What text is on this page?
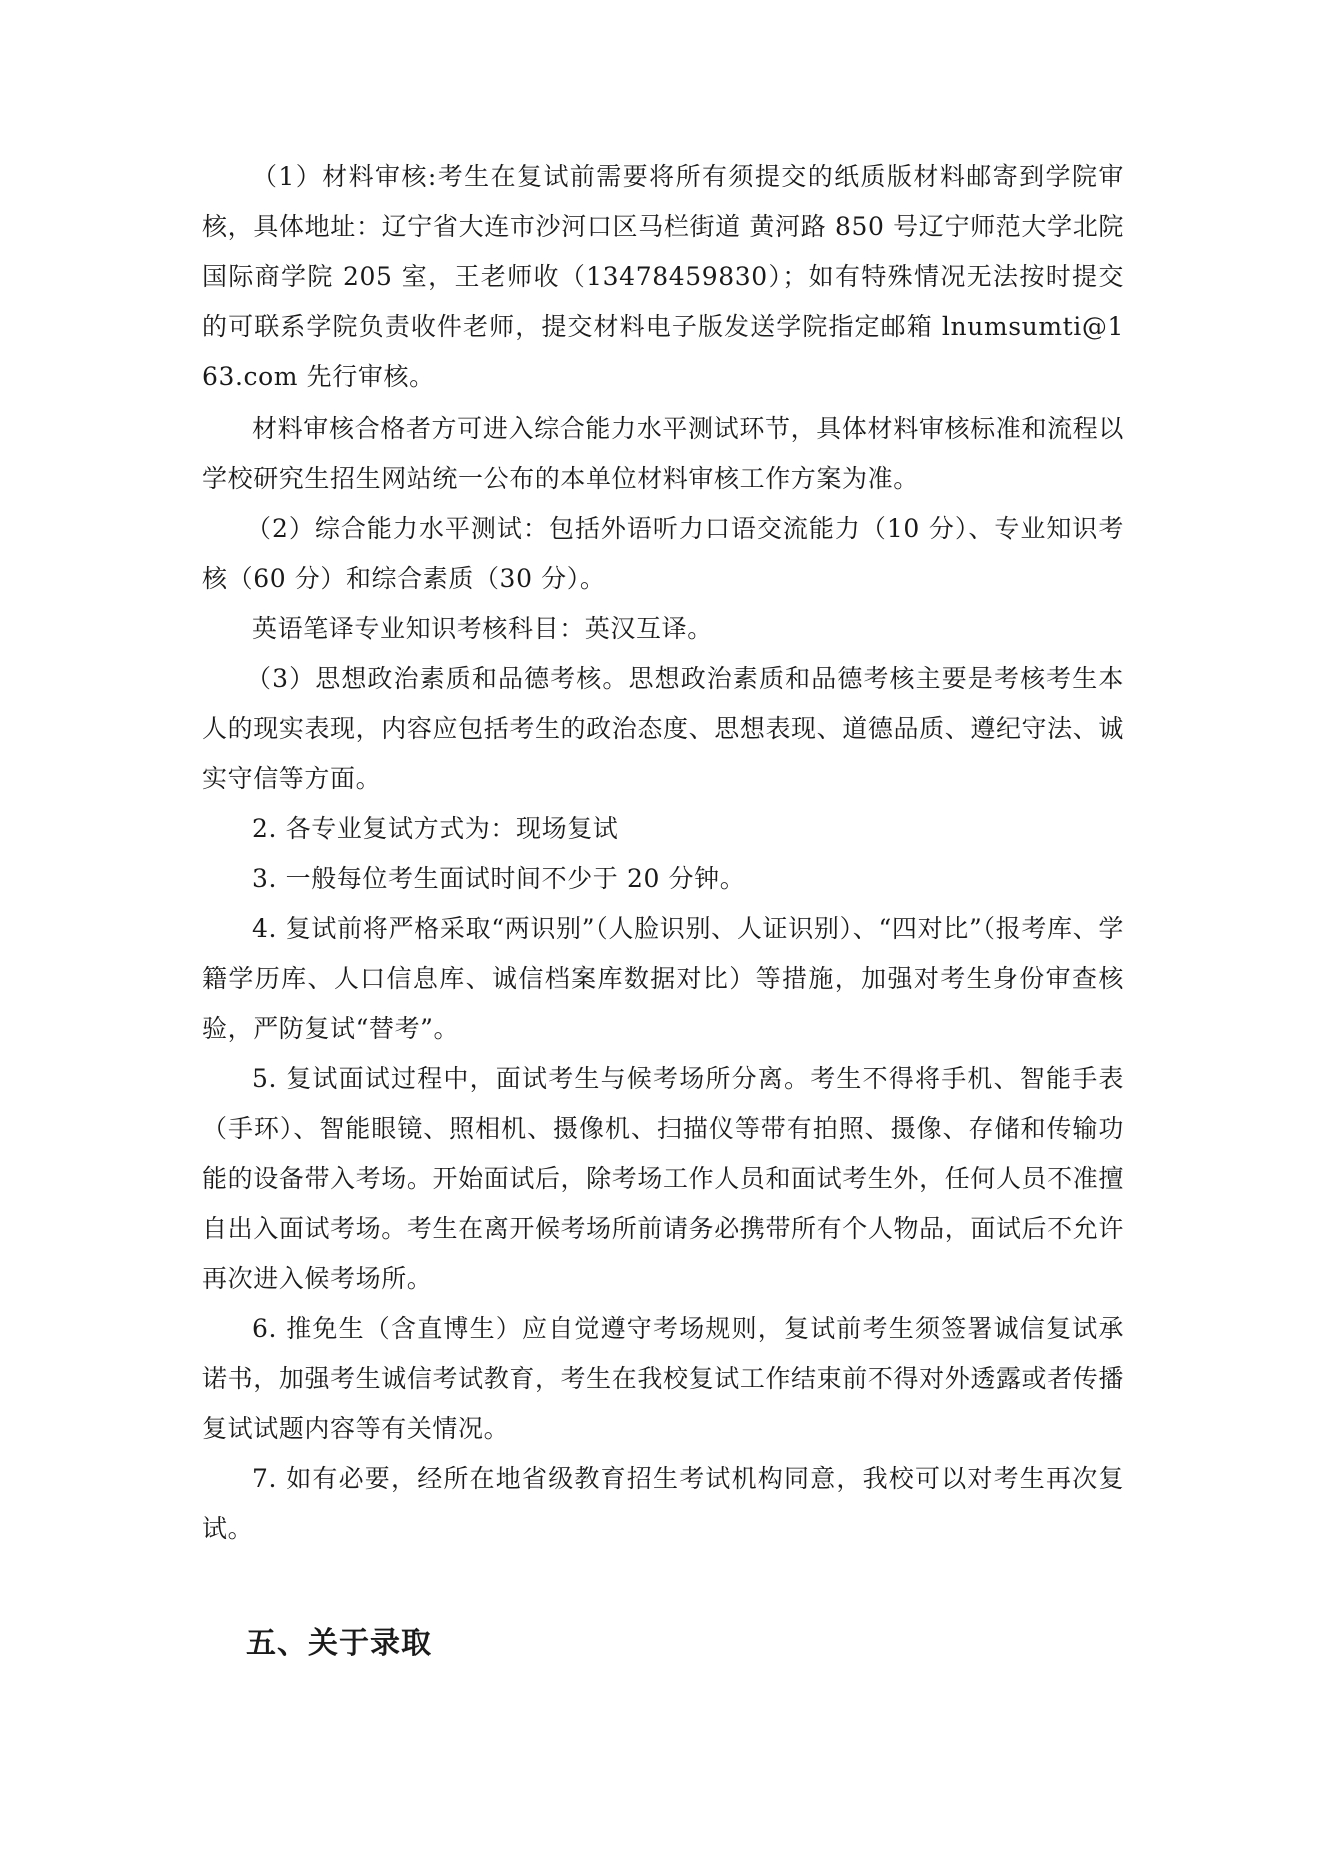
（1）材料审核:考生在复试前需要将所有须提交的纸质版材料邮寄到学院审核，具体地址：辽宁省大连市沙河口区马栏街道 黄河路 850 号辽宁师范大学北院国际商学院 205 室，王老师收（13478459830）；如有特殊情况无法按时提交的可联系学院负责收件老师，提交材料电子版发送学院指定邮箱 lnumsumti@163.com 先行审核。

材料审核合格者方可进入综合能力水平测试环节，具体材料审核标准和流程以学校研究生招生网站统一公布的本单位材料审核工作方案为准。

（2）综合能力水平测试：包括外语听力口语交流能力（10 分）、专业知识考核（60 分）和综合素质（30 分）。

英语笔译专业知识考核科目：英汉互译。

（3）思想政治素质和品德考核。思想政治素质和品德考核主要是考核考生本人的现实表现，内容应包括考生的政治态度、思想表现、道德品质、遵纪守法、诚实守信等方面。

2. 各专业复试方式为：现场复试

3. 一般每位考生面试时间不少于 20 分钟。

4. 复试前将严格采取“两识别”（人脸识别、人证识别）、“四对比”（报考库、学籍学历库、人口信息库、诚信档案库数据对比）等措施，加强对考生身份审查核验，严防复试“替考”。

5. 复试面试过程中，面试考生与候考场所分离。考生不得将手机、智能手表（手环）、智能眼镜、照相机、摄像机、扫描仪等带有拍照、摄像、存储和传输功能的设备带入考场。开始面试后，除考场工作人员和面试考生外，任何人员不准擅自出入面试考场。考生在离开候考场所前请务必携带所有个人物品，面试后不允许再次进入候考场所。

6. 推免生（含直博生）应自觉遵守考场规则，复试前考生须签署诚信复试承诺书，加强考生诚信考试教育，考生在我校复试工作结束前不得对外透露或者传播复试试题内容等有关情况。

7. 如有必要，经所在地省级教育招生考试机构同意，我校可以对考生再次复试。

五、关于录取
